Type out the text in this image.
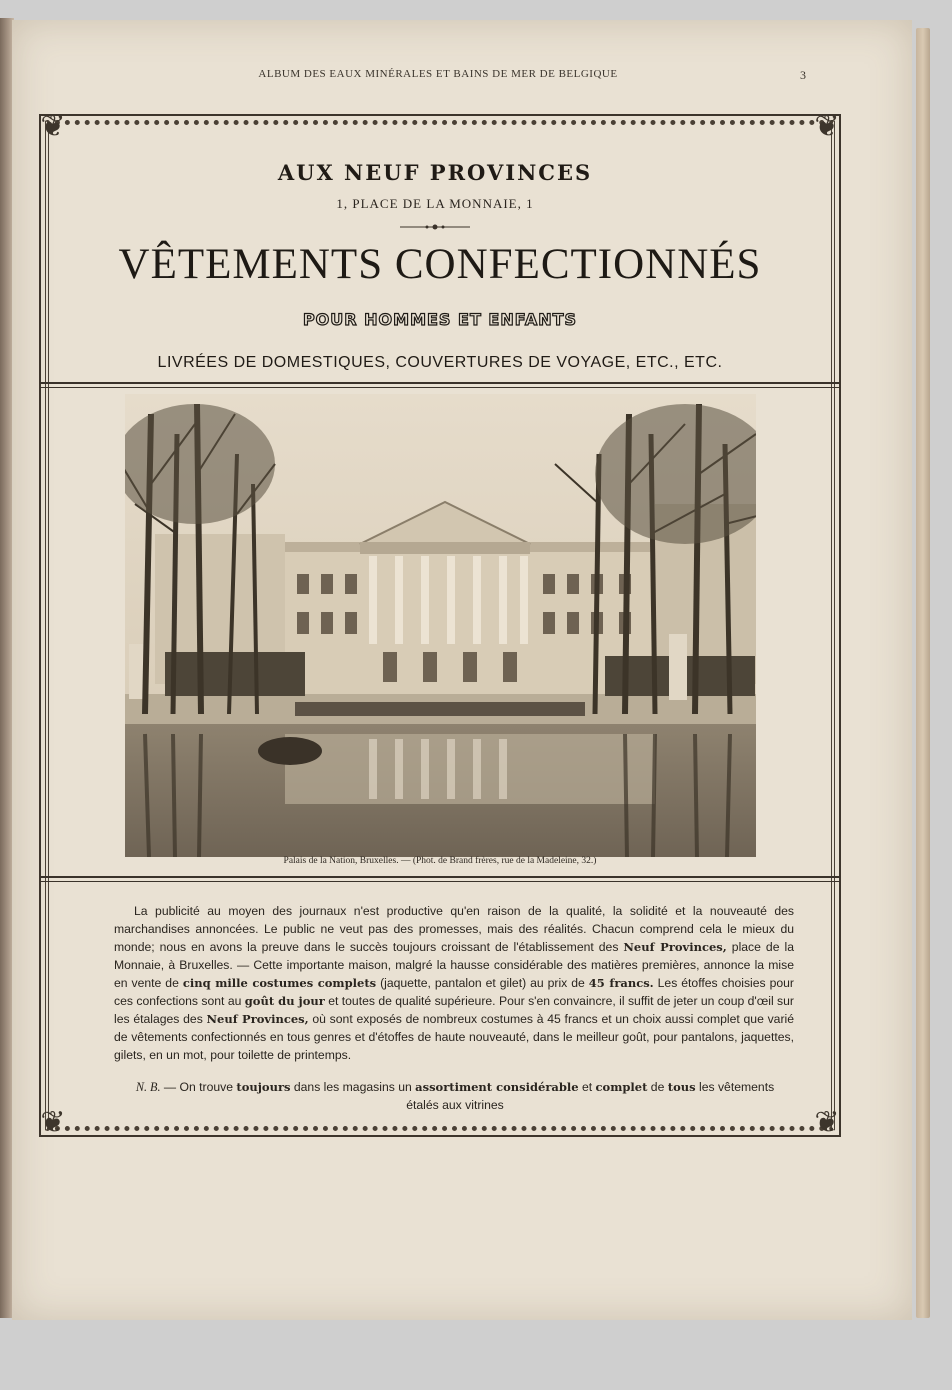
ALBUM DES EAUX MINÉRALES ET BAINS DE MER DE BELGIQUE	3
❦	❦
❦	❦
AUX NEUF PROVINCES
1, PLACE DE LA MONNAIE, 1
VÊTEMENTS CONFECTIONNÉS
POUR HOMMES ET ENFANTS
LIVRÉES DE DOMESTIQUES, COUVERTURES DE VOYAGE, ETC., ETC.
Palais de la Nation, Bruxelles. — (Phot. de Brand frères, rue de la Madeleine, 32.)
La publicité au moyen des journaux n'est productive qu'en raison de la qualité, la solidité et la nouveauté des marchandises annoncées. Le public ne veut pas des promesses, mais des réalités. Chacun comprend cela le mieux du monde; nous en avons la preuve dans le succès toujours croissant de l'établissement des Neuf Provinces, place de la Monnaie, à Bruxelles. — Cette importante maison, malgré la hausse considérable des matières premières, annonce la mise en vente de cinq mille costumes complets (jaquette, pantalon et gilet) au prix de 45 francs. Les étoffes choisies pour ces confections sont au goût du jour et toutes de qualité supérieure. Pour s'en convaincre, il suffit de jeter un coup d'œil sur les étalages des Neuf Provinces, où sont exposés de nombreux costumes à 45 francs et un choix aussi complet que varié de vêtements confectionnés en tous genres et d'étoffes de haute nouveauté, dans le meilleur goût, pour pantalons, jaquettes, gilets, en un mot, pour toilette de printemps.
N. B. — On trouve toujours dans les magasins un assortiment considérable et complet de tous les vêtements étalés aux vitrines
